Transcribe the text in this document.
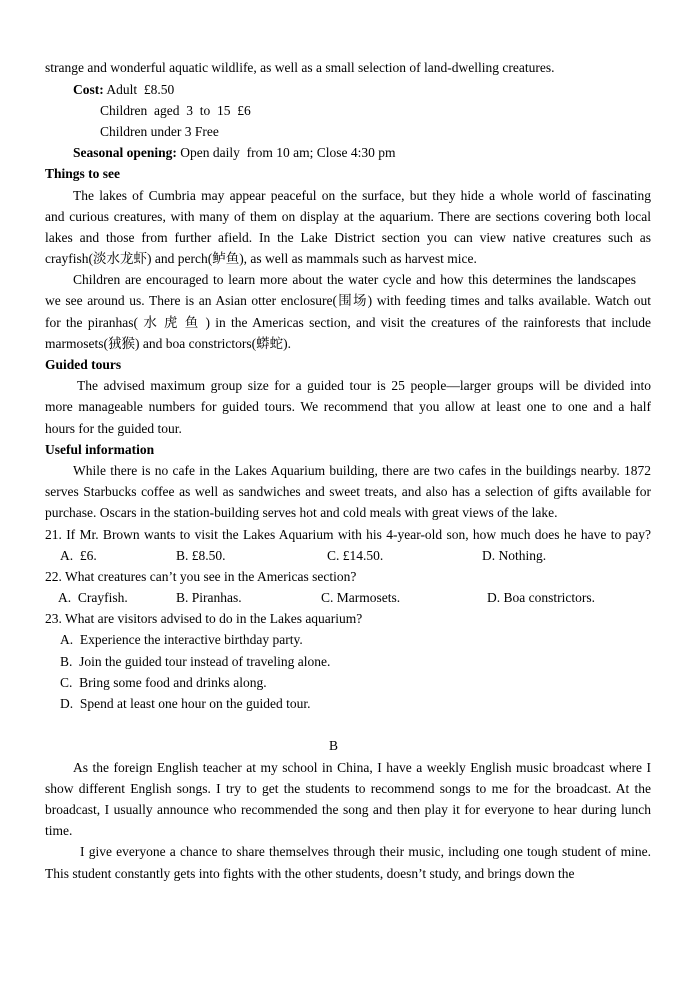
strange and wonderful aquatic wildlife, as well as a small selection of land-dwelling creatures.
Cost: Adult  £8.50
Children  aged  3  to  15  £6
Children under 3 Free
Seasonal opening: Open daily  from 10 am; Close 4:30 pm
Things to see
The lakes of Cumbria may appear peaceful on the surface, but they hide a whole world of fascinating
and curious creatures, with many of them on display at the aquarium. There are sections covering both local
lakes and those from further afield. In the Lake District section you can view native creatures such as
crayfish(淡水龙虾) and perch(鲈鱼), as well as mammals such as harvest mice.
Children are encouraged to learn more about the water cycle and how this determines the landscapes
we see around us. There is an Asian otter enclosure(围场) with feeding times and talks available. Watch out
for the piranhas( 水 虎 鱼 ) in the Americas section, and visit the creatures of the rainforests that include
marmosets(狨猴) and boa constrictors(蟒蛇).
Guided tours
The advised maximum group size for a guided tour is 25 people—larger groups will be divided into
more manageable numbers for guided tours. We recommend that you allow at least one to one and a half
hours for the guided tour.
Useful information
While there is no cafe in the Lakes Aquarium building, there are two cafes in the buildings nearby. 1872
serves Starbucks coffee as well as sandwiches and sweet treats, and also has a selection of gifts available for
purchase. Oscars in the station-building serves hot and cold meals with great views of the lake.
21. If Mr. Brown wants to visit the Lakes Aquarium with his 4-year-old son, how much does he have to pay?
A.  £6.	B. £8.50.	C. £14.50.	D. Nothing.
22. What creatures can’t you see in the Americas section?
A.  Crayfish.	B. Piranhas.	C. Marmosets.	D. Boa constrictors.
23. What are visitors advised to do in the Lakes aquarium?
A.  Experience the interactive birthday party.
B.  Join the guided tour instead of traveling alone.
C.  Bring some food and drinks along.
D.  Spend at least one hour on the guided tour.
B
As the foreign English teacher at my school in China, I have a weekly English music broadcast where I
show different English songs. I try to get the students to recommend songs to me for the broadcast. At the
broadcast, I usually announce who recommended the song and then play it for everyone to hear during lunch
time.
I give everyone a chance to share themselves through their music, including one tough student of mine.
This student constantly gets into fights with the other students, doesn’t study, and brings down the
